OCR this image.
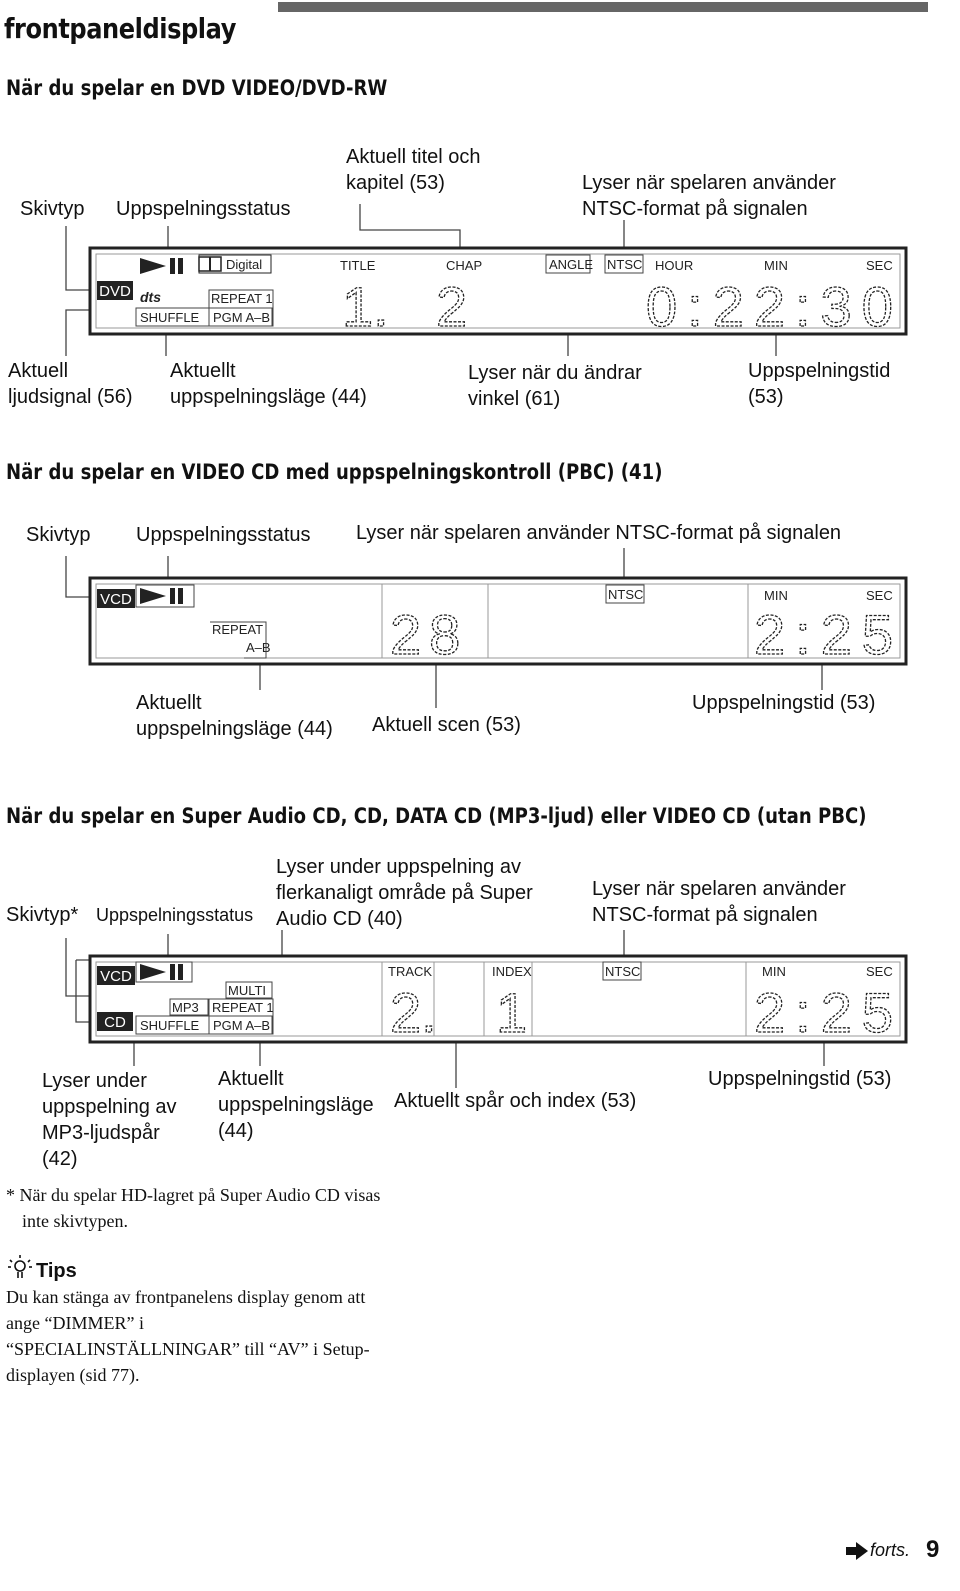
frontpaneldisplay
När du spelar en DVD VIDEO/DVD-RW
Skivtyp Uppspelningsstatus
Aktuell titel och
kapitel (53)	Lyser när spelaren använder
NTSC-format på signalen
Aktuell
ljudsignal (56)
Aktuellt
uppspelningsläge (44)
Lyser när du ändrar
vinkel (61)
Uppspelningstid
(53)
DVD
Digital
dts	REPEAT 1
SHUFFLE PGM A–B
TITLE	CHAP	ANGLE NTSC HOUR	MIN	SEC
1. 2	0:22:30
När du spelar en VIDEO CD med uppspelningskontroll (PBC) (41)
Skivtyp Uppspelningsstatus Lyser när spelaren använder NTSC-format på signalen
Aktuellt
uppspelningsläge (44) Aktuell scen (53)
Uppspelningstid (53)
VCD
REPEAT
A–B
NTSC	MIN	SEC
28	2:25
När du spelar en Super Audio CD, CD, DATA CD (MP3-ljud) eller VIDEO CD (utan PBC)
Skivtyp* Uppspelningsstatus
Lyser under uppspelning av
flerkanaligt område på Super
Audio CD (40)
Lyser när spelaren använder
NTSC-format på signalen
Lyser under
uppspelning av
MP3-ljudspår
(42)
Aktuellt
uppspelningsläge
(44)
Aktuellt spår och index (53)
Uppspelningstid (53)
VCD
CD
MULTI
MP3 REPEAT 1
SHUFFLE PGM A–B
TRACK	INDEX	NTSC	MIN	SEC
2. 1	2:25
* När du spelar HD-lagret på Super Audio CD visas
inte skivtypen.
Tips
Du kan stänga av frontpanelens display genom att
ange “DIMMER” i
“SPECIALINSTÄLLNINGAR” till “AV” i Setup-
displayen (sid 77).
forts. 9
